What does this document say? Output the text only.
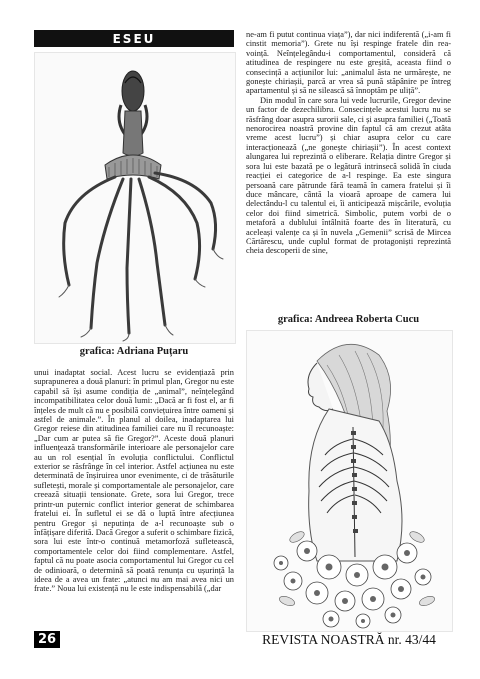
ESEU
grafica: Adriana Puțaru

unui inadaptat social. Acest lucru se evidențiază prin suprapunerea a două planuri: în primul plan, Gregor nu este capabil să își asume condiția de „animal”, neînțelegând incompatibilitatea celor două lumi: „Dacă ar fi fost el, ar fi înțeles de mult că nu e posibilă conviețuirea între oameni și astfel de animale.”. În planul al doilea, inadaptarea lui Gregor reiese din atitudinea familiei care nu îl recunoaște: „Dar cum ar putea să fie Gregor?”. Aceste două planuri influențează transformările interioare ale personajelor care au un rol esențial în evoluția conflictului. Conflictul exterior se răsfrânge în cel interior. Astfel acțiunea nu este determinată de înșiruirea unor evenimente, ci de trăsăturile sufletești, morale și comportamentale ale personajelor, care creează situații tensionate. Grete, sora lui Gregor, trece printr-un puternic conflict interior generat de schimbarea fratelui ei. În sufletul ei se dă o luptă între afecțiunea pentru Gregor și neputința de a-l recunoaște sub o înfățișare diferită. Dacă Gregor a suferit o schimbare fizică, sora lui este într-o continuă metamorfoză sufletească, comportamentele celor doi fiind complementare. Astfel, faptul că nu poate asocia comportamentul lui Gregor cu cel de odinioară, o determină să poată renunța cu ușurință la ideea de a avea un frate: „atunci nu am mai avea nici un frate.” Noua lui existență nu le este indispensabilă („dar

ne-am fi putut continua viața”), dar nici indiferentă („i-am fi cinstit memoria”). Grete nu își respinge fratele din rea-voință. Neînțelegându-i comportamentul, consideră că atitudinea de respingere nu este greșită, aceasta fiind o consecință a acțiunilor lui: „animalul ăsta ne urmărește, ne gonește chiriașii, parcă ar vrea să pună stăpânire pe întreg apartamentul și să ne silească să înnoptăm pe uliță”.

Din modul în care sora lui vede lucrurile, Gregor devine un factor de dezechilibru. Consecințele acestui lucru nu se răsfrâng doar asupra surorii sale, ci și asupra familiei („Toată nenorocirea noastră provine din faptul că am crezut atâta vreme acest lucru”) și chiar asupra celor cu care interacționează („ne gonește chiriașii”). În acest context alungarea lui reprezintă o eliberare. Relația dintre Gregor și sora lui este bazată pe o legătură intrinsecă solidă în ciuda reacției ei categorice de a-l respinge. Ea este singura persoană care pătrunde fără teamă în camera fratelui și îi duce mâncare, cântă la vioară aproape de camera lui delectându-l cu talentul ei, îi anticipează mișcările, evoluția celor doi fiind simetrică. Simbolic, putem vorbi de o metaforă a dublului întâlnită foarte des în literatură, cu aceleași valențe ca și în nuvela „Gemenii” scrisă de Mircea Cărtărescu, unde cuplul format de protagoniști reprezintă cheia descoperii de sine,

grafica: Andreea Roberta Cucu
26	REVISTA NOASTRĂ nr. 43/44
